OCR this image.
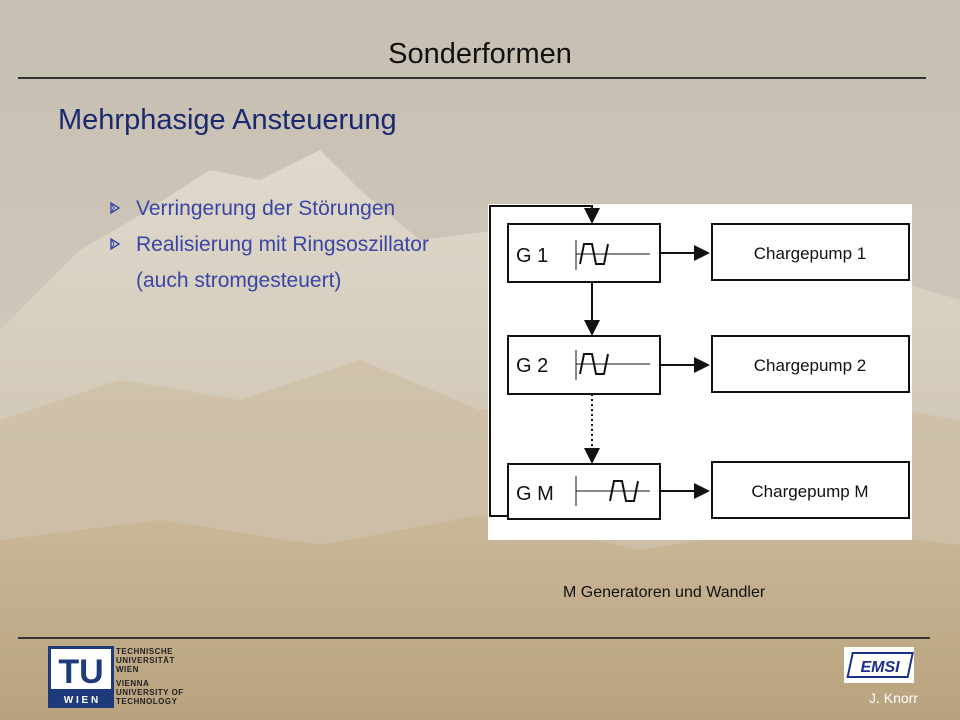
Sonderformen
Mehrphasige Ansteuerung
Verringerung der Störungen
Realisierung mit Ringsoszillator
(auch stromgesteuert)
G 1
G 2
G M
Chargepump 1
Chargepump 2
Chargepump M
M Generatoren und Wandler
TU
W I E N
TECHNISCHE
UNIVERSITÄT
WIEN
VIENNA
UNIVERSITY OF
TECHNOLOGY
EMSI
J. Knorr
